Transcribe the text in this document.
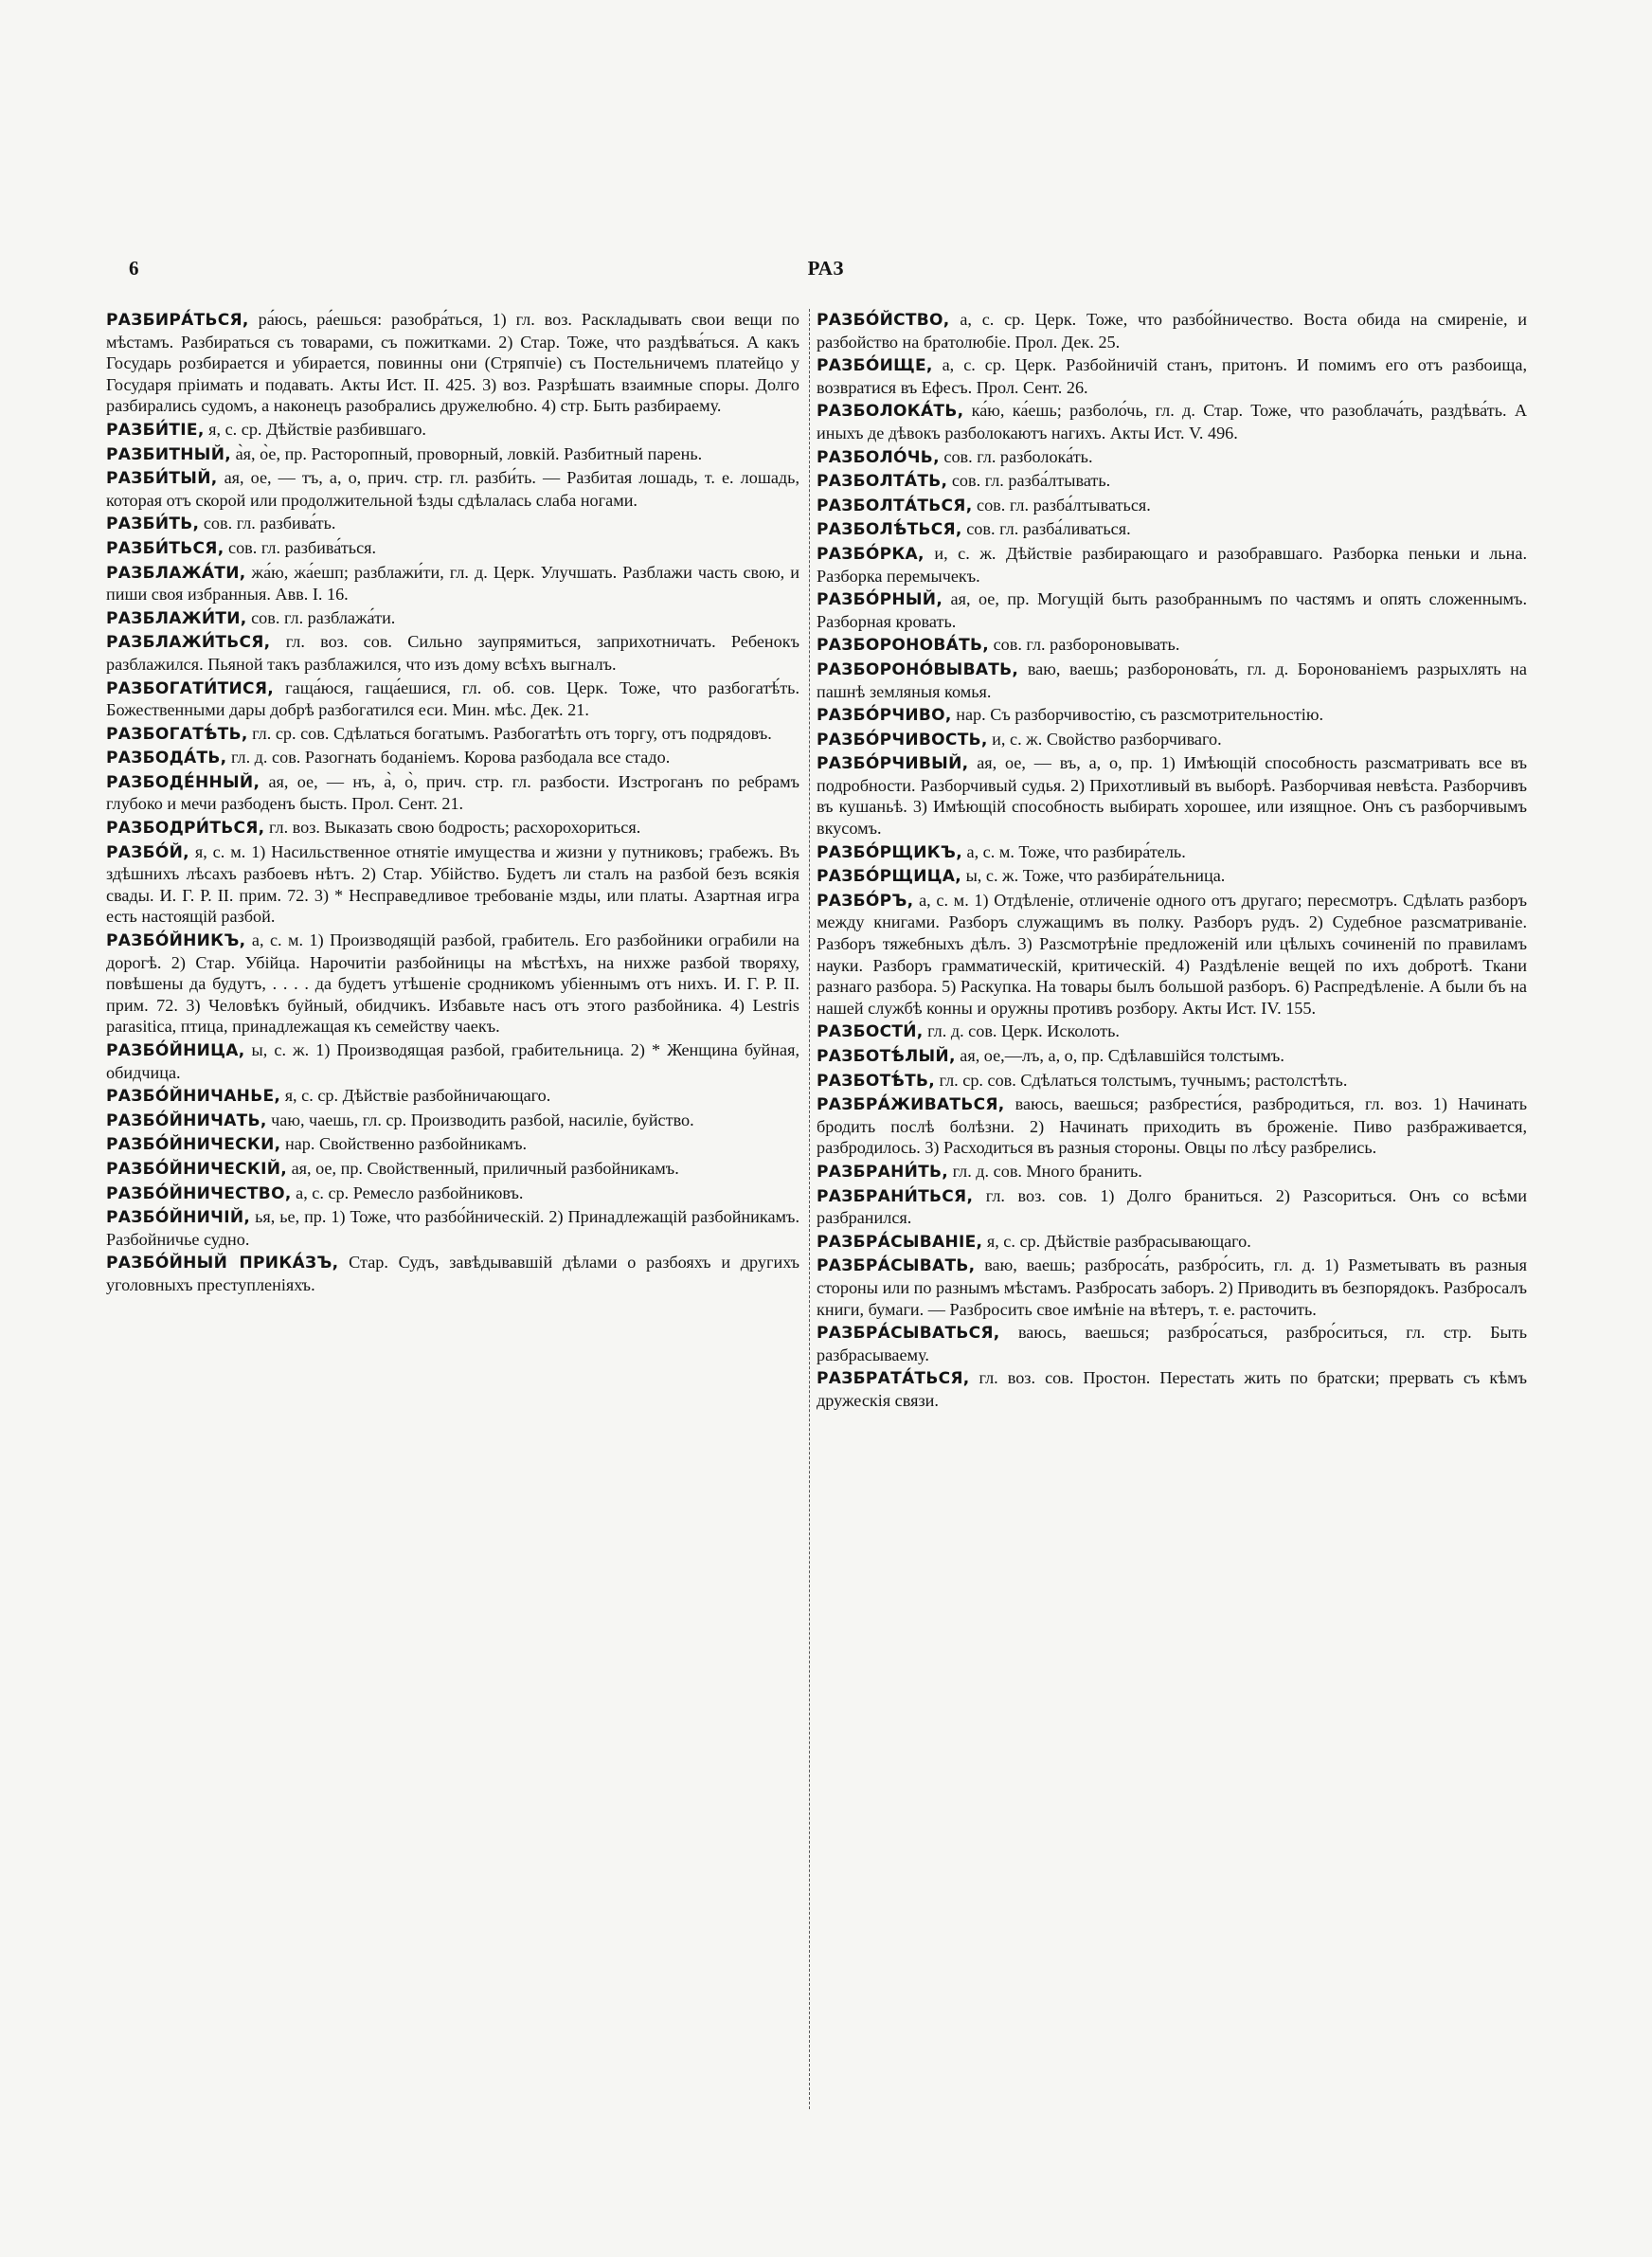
6	РАЗ

РАЗБИРА́ТЬСЯ, ра́юсь, ра́ешься: разобра́ться, 1) гл. воз. Раскладывать свои вещи по мѣстамъ. Разбираться съ товарами, съ пожитками. 2) Стар. Тоже, что раздѣва́ться. А какъ Государь розбирается и убирается, повинны они (Стряпчіе) съ Постельничемъ платейцо у Государя пріимать и подавать. Акты Ист. II. 425. 3) воз. Разрѣшать взаимные споры. Долго разбирались судомъ, а наконецъ разобрались дружелюбно. 4) стр. Быть разбираему.

РАЗБИ́ТІЕ, я, с. ср. Дѣйствіе разбившаго.

РАЗБИТНЫЙ, а̀я, о̀е, пр. Расторопный, проворный, ловкій. Разбитный парень.

РАЗБИ́ТЫЙ, ая, ое, — тъ, а, о, прич. стр. гл. разби́ть. — Разбитая лошадь, т. е. лошадь, которая отъ скорой или продолжительной ѣзды сдѣлалась слаба ногами.

РАЗБИ́ТЬ, сов. гл. разбива́ть.

РАЗБИ́ТЬСЯ, сов. гл. разбива́ться.

РАЗБЛАЖА́ТИ, жа́ю, жа́ешп; разблажи́ти, гл. д. Церк. Улучшать. Разблажи часть свою, и пиши своя избранныя. Авв. I. 16.

РАЗБЛАЖИ́ТИ, сов. гл. разблажа́ти.

РАЗБЛАЖИ́ТЬСЯ, гл. воз. сов. Сильно заупрямиться, заприхотничать. Ребенокъ разблажился. Пьяной такъ разблажился, что изъ дому всѣхъ выгналъ.

РАЗБОГАТИ́ТИСЯ, гаща́юся, гаща́ешися, гл. об. сов. Церк. Тоже, что разбогатѣ́ть. Божественными дары добрѣ разбогатился еси. Мин. мѣс. Дек. 21.

РАЗБОГАТѢ́ТЬ, гл. ср. сов. Сдѣлаться богатымъ. Разбогатѣть отъ торгу, отъ подрядовъ.

РАЗБОДА́ТЬ, гл. д. сов. Разогнать боданіемъ. Корова разбодала все стадо.

РАЗБОДЕ́ННЫЙ, ая, ое, — нъ, а̀, о̀, прич. стр. гл. разбости. Изстроганъ по ребрамъ глубоко и мечи разбоденъ бысть. Прол. Сент. 21.

РАЗБОДРИ́ТЬСЯ, гл. воз. Выказать свою бодрость; расхорохориться.

РАЗБО́Й, я, с. м. 1) Насильственное отнятіе имущества и жизни у путниковъ; грабежъ. Въ здѣшнихъ лѣсахъ разбоевъ нѣтъ. 2) Стар. Убійство. Будетъ ли сталъ на разбой безъ всякія свады. И. Г. Р. II. прим. 72. 3) * Несправедливое требованіе мзды, или платы. Азартная игра есть настоящій разбой.

РАЗБО́ЙНИКЪ, а, с. м. 1) Производящій разбой, грабитель. Его разбойники ограбили на дорогѣ. 2) Стар. Убійца. Нарочитіи разбойницы на мѣстѣхъ, на нихже разбой творяху, повѣшены да будутъ, . . . . да будетъ утѣшеніе сродникомъ убіеннымъ отъ нихъ. И. Г. Р. II. прим. 72. 3) Человѣкъ буйный, обидчикъ. Избавьте насъ отъ этого разбойника. 4) Lestris parasitica, птица, принадлежащая къ семейству чаекъ.

РАЗБО́ЙНИЦА, ы, с. ж. 1) Производящая разбой, грабительница. 2) * Женщина буйная, обидчица.

РАЗБО́ЙНИЧАНЬЕ, я, с. ср. Дѣйствіе разбойничающаго.

РАЗБО́ЙНИЧАТЬ, чаю, чаешь, гл. ср. Производить разбой, насиліе, буйство.

РАЗБО́ЙНИЧЕСКИ, нар. Свойственно разбойникамъ.

РАЗБО́ЙНИЧЕСКІЙ, ая, ое, пр. Свойственный, приличный разбойникамъ.

РАЗБО́ЙНИЧЕСТВО, а, с. ср. Ремесло разбойниковъ.

РАЗБО́ЙНИЧІЙ, ья, ье, пр. 1) Тоже, что разбо́йническій. 2) Принадлежащій разбойникамъ. Разбойничье судно.

РАЗБО́ЙНЫЙ ПРИКА́ЗЪ, Стар. Судъ, завѣдывавшій дѣлами о разбояхъ и другихъ уголовныхъ преступленіяхъ.

РАЗБО́ЙСТВО, а, с. ср. Церк. Тоже, что разбо́йничество. Воста обида на смиреніе, и разбойство на братолюбіе. Прол. Дек. 25.

РАЗБО́ИЩЕ, а, с. ср. Церк. Разбойничій станъ, притонъ. И помимъ его отъ разбоища, возвратися въ Ефесъ. Прол. Сент. 26.

РАЗБОЛОКА́ТЬ, ка́ю, ка́ешь; разболо́чь, гл. д. Стар. Тоже, что разоблача́ть, раздѣва́ть. А иныхъ де дѣвокъ разболокаютъ нагихъ. Акты Ист. V. 496.

РАЗБОЛО́ЧЬ, сов. гл. разболока́ть.

РАЗБОЛТА́ТЬ, сов. гл. разба́лтывать.

РАЗБОЛТА́ТЬСЯ, сов. гл. разба́лтываться.

РАЗБОЛѢ́ТЬСЯ, сов. гл. разба́ливаться.

РАЗБО́РКА, и, с. ж. Дѣйствіе разбирающаго и разобравшаго. Разборка пеньки и льна. Разборка перемычекъ.

РАЗБО́РНЫЙ, ая, ое, пр. Могущій быть разобраннымъ по частямъ и опять сложеннымъ. Разборная кровать.

РАЗБОРОНОВА́ТЬ, сов. гл. разборонoвывать.

РАЗБОРОНО́ВЫВАТЬ, ваю, ваешь; разборонова́ть, гл. д. Боронованіемъ разрыхлять на пашнѣ земляныя комья.

РАЗБО́РЧИВО, нар. Съ разборчивостію, съ разсмотрительностію.

РАЗБО́РЧИВОСТЬ, и, с. ж. Свойство разборчиваго.

РАЗБО́РЧИВЫЙ, ая, ое, — въ, а, о, пр. 1) Имѣющій способность разсматривать все въ подробности. Разборчивый судья. 2) Прихотливый въ выборѣ. Разборчивая невѣста. Разборчивъ въ кушаньѣ. 3) Имѣющій способность выбирать хорошее, или изящное. Онъ съ разборчивымъ вкусомъ.

РАЗБО́РЩИКЪ, а, с. м. Тоже, что разбира́тель.

РАЗБО́РЩИЦА, ы, с. ж. Тоже, что разбира́тельница.

РАЗБО́РЪ, а, с. м. 1) Отдѣленіе, отличеніе одного отъ другаго; пересмотръ. Сдѣлать разборъ между книгами. Разборъ служащимъ въ полку. Разборъ рудъ. 2) Судебное разсматриваніе. Разборъ тяжебныхъ дѣлъ. 3) Разсмотрѣніе предложеній или цѣлыхъ сочиненій по правиламъ науки. Разборъ грамматическій, критическій. 4) Раздѣленіе вещей по ихъ добротѣ. Ткани разнаго разбора. 5) Раскупка. На товары былъ большой разборъ. 6) Распредѣленіе. А были бъ на нашей службѣ конны и оружны противъ розбору. Акты Ист. IV. 155.

РАЗБОСТИ́, гл. д. сов. Церк. Исколоть.

РАЗБОТѢ́ЛЫЙ, ая, ое,—лъ, а, о, пр. Сдѣлавшійся толстымъ.

РАЗБОТѢ́ТЬ, гл. ср. сов. Сдѣлаться толстымъ, тучнымъ; растолстѣть.

РАЗБРА́ЖИВАТЬСЯ, ваюсь, ваешься; разбрести́ся, разбродиться, гл. воз. 1) Начинать бродить послѣ болѣзни. 2) Начинать приходить въ броженіе. Пиво разбраживается, разбродилось. 3) Расходиться въ разныя стороны. Овцы по лѣсу разбрелись.

РАЗБРАНИ́ТЬ, гл. д. сов. Много бранить.

РАЗБРАНИ́ТЬСЯ, гл. воз. сов. 1) Долго браниться. 2) Разсориться. Онъ со всѣми разбранился.

РАЗБРА́СЫВАНІЕ, я, с. ср. Дѣйствіе разбрасывающаго.

РАЗБРА́СЫВАТЬ, ваю, ваешь; разброса́ть, разбро́сить, гл. д. 1) Разметывать въ разныя стороны или по разнымъ мѣстамъ. Разбросать заборъ. 2) Приводить въ безпорядокъ. Разбросалъ книги, бумаги. — Разбросить свое имѣніе на вѣтеръ, т. е. расточить.

РАЗБРА́СЫВАТЬСЯ, ваюсь, ваешься; разбро́саться, разбро́ситься, гл. стр. Быть разбрасываему.

РАЗБРАТА́ТЬСЯ, гл. воз. сов. Простон. Перестать жить по братски; прервать съ кѣмъ дружескія связи.
